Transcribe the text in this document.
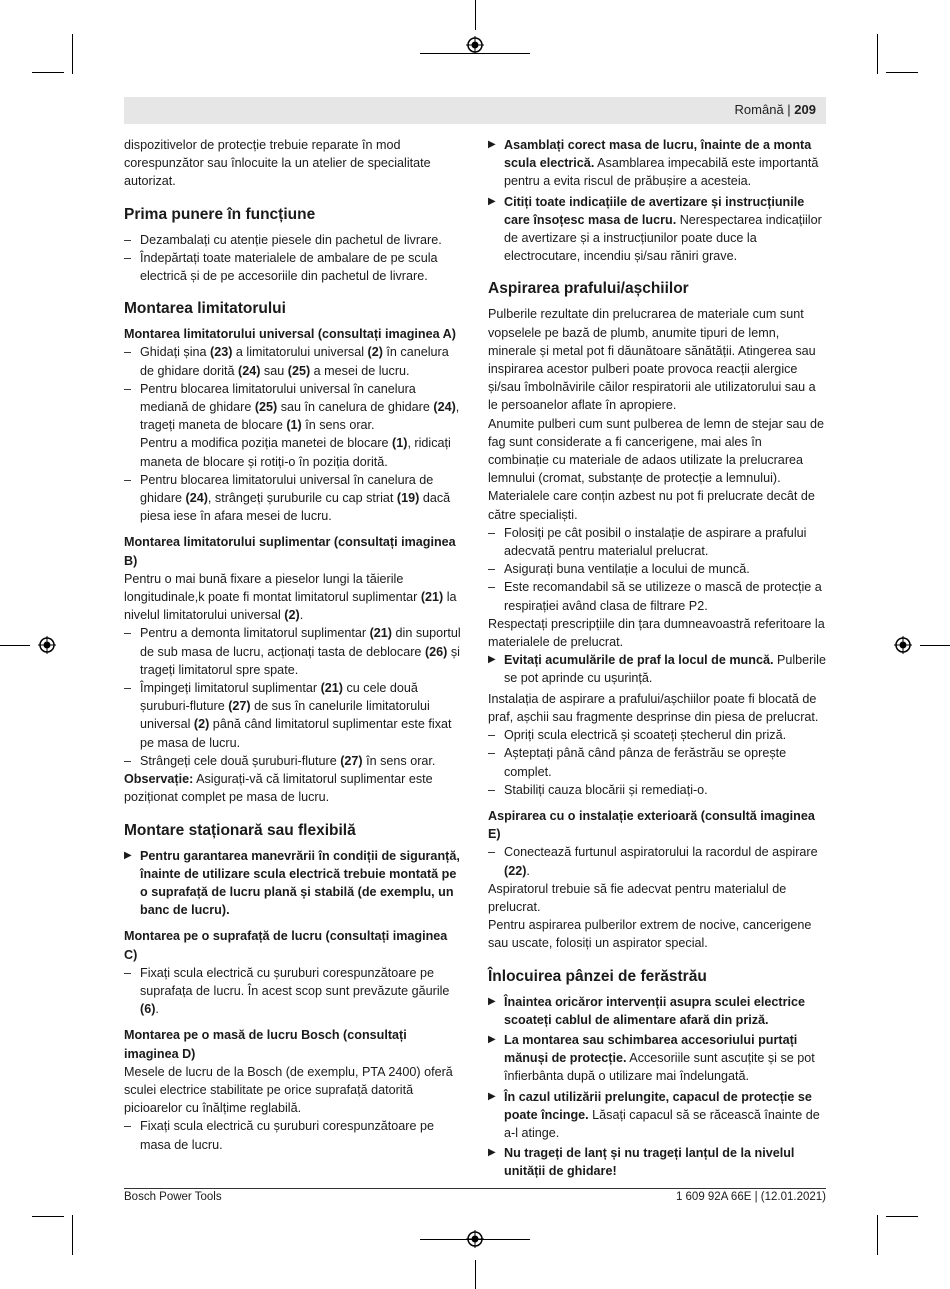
Română | 209

dispozitivelor de protecție trebuie reparate în mod corespunzător sau înlocuite la un atelier de specialitate autorizat.

Prima punere în funcțiune

– Dezambalați cu atenție piesele din pachetul de livrare.

– Îndepărtați toate materialele de ambalare de pe scula electrică și de pe accesoriile din pachetul de livrare.

Montarea limitatorului

Montarea limitatorului universal (consultați imaginea A)

– Ghidați șina (23) a limitatorului universal (2) în canelura de ghidare dorită (24) sau (25) a mesei de lucru.

– Pentru blocarea limitatorului universal în canelura mediană de ghidare (25) sau în canelura de ghidare (24), trageți maneta de blocare (1) în sens orar.
Pentru a modifica poziția manetei de blocare (1), ridicați maneta de blocare și rotiți-o în poziția dorită.

– Pentru blocarea limitatorului universal în canelura de ghidare (24), strângeți șuruburile cu cap striat (19) dacă piesa iese în afara mesei de lucru.

Montarea limitatorului suplimentar (consultați imaginea B)

Pentru o mai bună fixare a pieselor lungi la tăierile longitudinale,k poate fi montat limitatorul suplimentar (21) la nivelul limitatorului universal (2).

– Pentru a demonta limitatorul suplimentar (21) din suportul de sub masa de lucru, acționați tasta de deblocare (26) și trageți limitatorul spre spate.

– Împingeți limitatorul suplimentar (21) cu cele două șuruburi-fluture (27) de sus în canelurile limitatorului universal (2) până când limitatorul suplimentar este fixat pe masa de lucru.

– Strângeți cele două șuruburi-fluture (27) în sens orar.

Observație: Asigurați-vă că limitatorul suplimentar este poziționat complet pe masa de lucru.

Montare staționară sau flexibilă

▶ Pentru garantarea manevrării în condiții de siguranță, înainte de utilizare scula electrică trebuie montată pe o suprafață de lucru plană și stabilă (de exemplu, un banc de lucru).

Montarea pe o suprafață de lucru (consultați imaginea C)

– Fixați scula electrică cu șuruburi corespunzătoare pe suprafața de lucru. În acest scop sunt prevăzute găurile (6).

Montarea pe o masă de lucru Bosch (consultați imaginea D)

Mesele de lucru de la Bosch (de exemplu, PTA 2400) oferă sculei electrice stabilitate pe orice suprafață datorită picioarelor cu înălțime reglabilă.

– Fixați scula electrică cu șuruburi corespunzătoare pe masa de lucru.

▶ Asamblați corect masa de lucru, înainte de a monta scula electrică. Asamblarea impecabilă este importantă pentru a evita riscul de prăbușire a acesteia.

▶ Citiți toate indicațiile de avertizare și instrucțiunile care însoțesc masa de lucru. Nerespectarea indicațiilor de avertizare și a instrucțiunilor poate duce la electrocutare, incendiu și/sau răniri grave.

Aspirarea prafului/așchiilor

Pulberile rezultate din prelucrarea de materiale cum sunt vopselele pe bază de plumb, anumite tipuri de lemn, minerale și metal pot fi dăunătoare sănătății. Atingerea sau inspirarea acestor pulberi poate provoca reacții alergice și/sau îmbolnăvirile căilor respiratorii ale utilizatorului sau a le persoanelor aflate în apropiere.

Anumite pulberi cum sunt pulberea de lemn de stejar sau de fag sunt considerate a fi cancerigene, mai ales în combinație cu materiale de adaos utilizate la prelucrarea lemnului (cromat, substanțe de protecție a lemnului). Materialele care conțin azbest nu pot fi prelucrate decât de către specialiști.

– Folosiți pe cât posibil o instalație de aspirare a prafului adecvată pentru materialul prelucrat.

– Asigurați buna ventilație a locului de muncă.

– Este recomandabil să se utilizeze o mască de protecție a respirației având clasa de filtrare P2.

Respectați prescripțiile din țara dumneavoastră referitoare la materialele de prelucrat.

▶ Evitați acumulările de praf la locul de muncă. Pulberile se pot aprinde cu ușurință.

Instalația de aspirare a prafului/așchiilor poate fi blocată de praf, așchii sau fragmente desprinse din piesa de prelucrat.

– Opriți scula electrică și scoateți ștecherul din priză.

– Așteptați până când pânza de ferăstrău se oprește complet.

– Stabiliți cauza blocării și remediați-o.

Aspirarea cu o instalație exterioară (consultă imaginea E)

– Conectează furtunul aspiratorului la racordul de aspirare (22).

Aspiratorul trebuie să fie adecvat pentru materialul de prelucrat.

Pentru aspirarea pulberilor extrem de nocive, cancerigene sau uscate, folosiți un aspirator special.

Înlocuirea pânzei de ferăstrău

▶ Înaintea oricăror intervenții asupra sculei electrice scoateți cablul de alimentare afară din priză.

▶ La montarea sau schimbarea accesoriului purtați mănuși de protecție. Accesoriile sunt ascuțite și se pot înfierbânta după o utilizare mai îndelungată.

▶ În cazul utilizării prelungite, capacul de protecție se poate încinge. Lăsați capacul să se răcească înainte de a-l atinge.

▶ Nu trageți de lanț și nu trageți lanțul de la nivelul unității de ghidare!

Bosch Power Tools	1 609 92A 66E | (12.01.2021)
